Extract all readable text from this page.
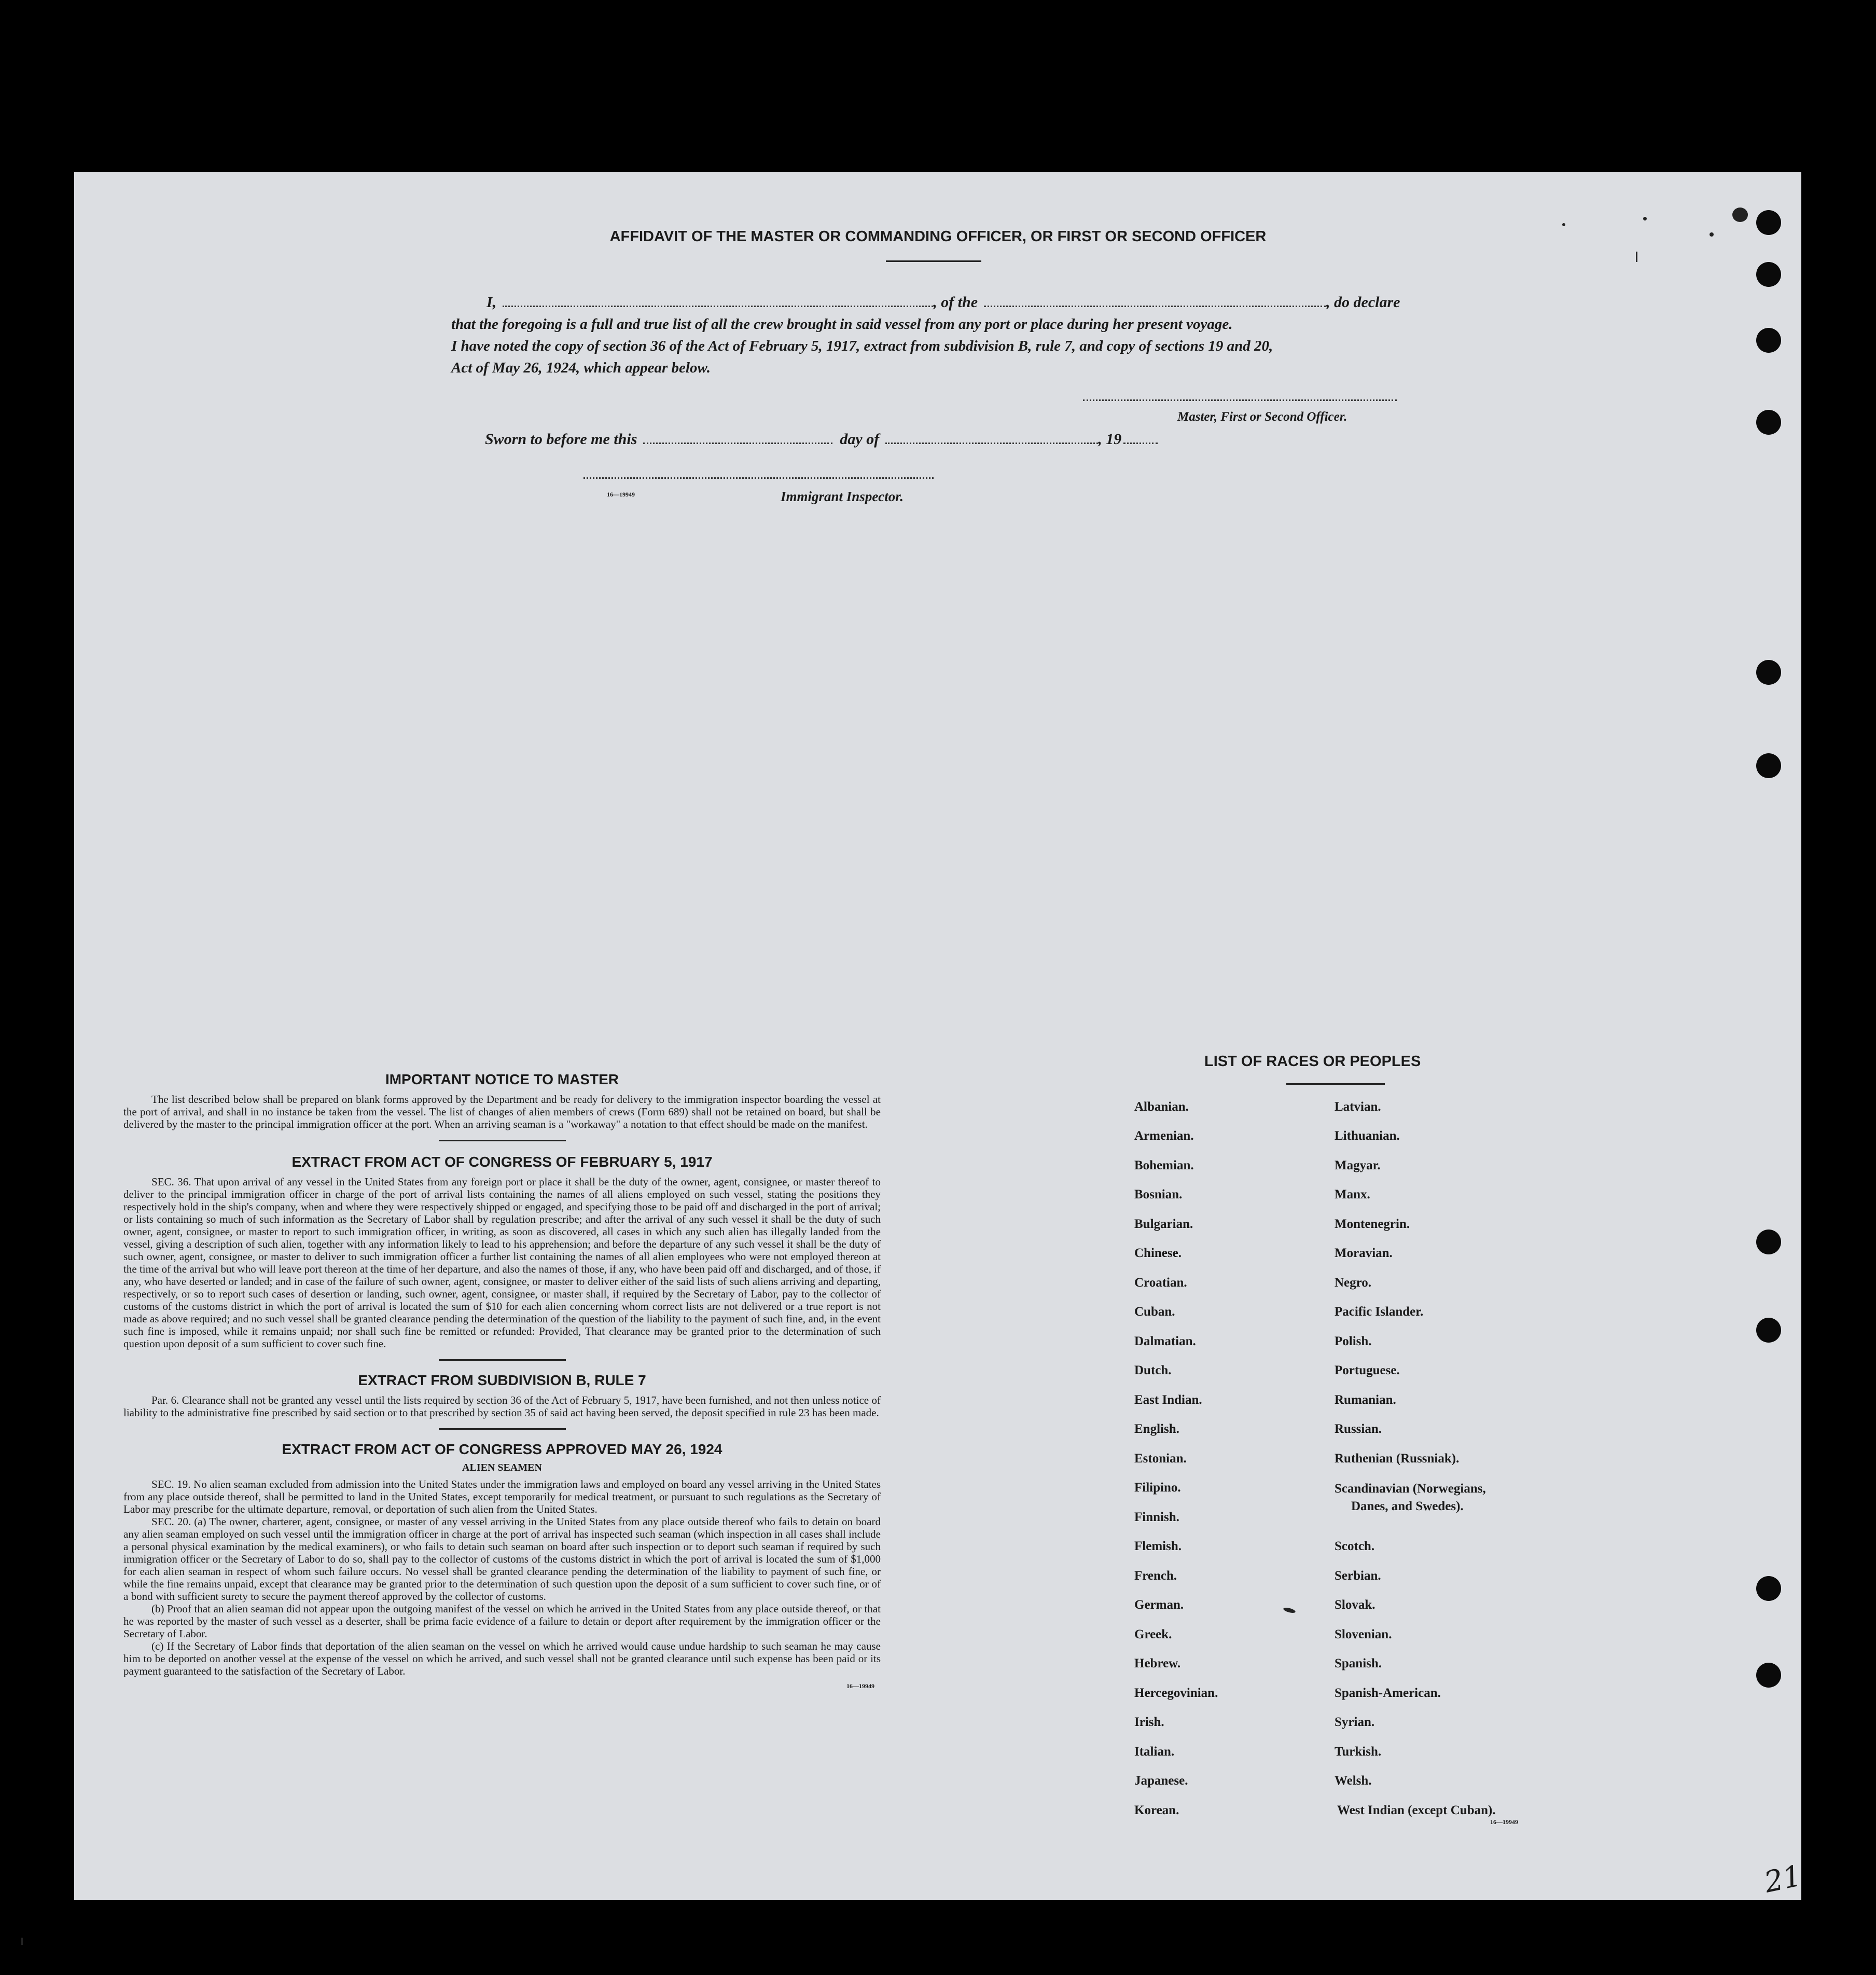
AFFIDAVIT OF THE MASTER OR COMMANDING OFFICER, OR FIRST OR SECOND OFFICER
I,	, of the	, do declare
that the foregoing is a full and true list of all the crew brought in said vessel from any port or place during her present voyage.
I have noted the copy of section 36 of the Act of February 5, 1917, extract from subdivision B, rule 7, and copy of sections 19 and 20,
Act of May 26, 1924, which appear below.
Master, First or Second Officer.
Sworn to before me this	day of	, 19
16—19949	Immigrant Inspector.
IMPORTANT NOTICE TO MASTER

The list described below shall be prepared on blank forms approved by the Department and be ready for delivery to the immigration inspector boarding the vessel at the port of arrival, and shall in no instance be taken from the vessel. The list of changes of alien members of crews (Form 689) shall not be retained on board, but shall be delivered by the master to the principal immigration officer at the port. When an arriving seaman is a "workaway" a notation to that effect should be made on the manifest.

EXTRACT FROM ACT OF CONGRESS OF FEBRUARY 5, 1917

SEC. 36. That upon arrival of any vessel in the United States from any foreign port or place it shall be the duty of the owner, agent, consignee, or master thereof to deliver to the principal immigration officer in charge of the port of arrival lists containing the names of all aliens employed on such vessel, stating the positions they respectively hold in the ship's company, when and where they were respectively shipped or engaged, and specifying those to be paid off and discharged in the port of arrival; or lists containing so much of such information as the Secretary of Labor shall by regulation prescribe; and after the arrival of any such vessel it shall be the duty of such owner, agent, consignee, or master to report to such immigration officer, in writing, as soon as discovered, all cases in which any such alien has illegally landed from the vessel, giving a description of such alien, together with any information likely to lead to his apprehension; and before the departure of any such vessel it shall be the duty of such owner, agent, consignee, or master to deliver to such immigration officer a further list containing the names of all alien employees who were not employed thereon at the time of the arrival but who will leave port thereon at the time of her departure, and also the names of those, if any, who have been paid off and discharged, and of those, if any, who have deserted or landed; and in case of the failure of such owner, agent, consignee, or master to deliver either of the said lists of such aliens arriving and departing, respectively, or so to report such cases of desertion or landing, such owner, agent, consignee, or master shall, if required by the Secretary of Labor, pay to the collector of customs of the customs district in which the port of arrival is located the sum of $10 for each alien concerning whom correct lists are not delivered or a true report is not made as above required; and no such vessel shall be granted clearance pending the determination of the question of the liability to the payment of such fine, and, in the event such fine is imposed, while it remains unpaid; nor shall such fine be remitted or refunded: Provided, That clearance may be granted prior to the determination of such question upon deposit of a sum sufficient to cover such fine.

EXTRACT FROM SUBDIVISION B, RULE 7

Par. 6. Clearance shall not be granted any vessel until the lists required by section 36 of the Act of February 5, 1917, have been furnished, and not then unless notice of liability to the administrative fine prescribed by said section or to that prescribed by section 35 of said act having been served, the deposit specified in rule 23 has been made.

EXTRACT FROM ACT OF CONGRESS APPROVED MAY 26, 1924
ALIEN SEAMEN

SEC. 19. No alien seaman excluded from admission into the United States under the immigration laws and employed on board any vessel arriving in the United States from any place outside thereof, shall be permitted to land in the United States, except temporarily for medical treatment, or pursuant to such regulations as the Secretary of Labor may prescribe for the ultimate departure, removal, or deportation of such alien from the United States.

SEC. 20. (a) The owner, charterer, agent, consignee, or master of any vessel arriving in the United States from any place outside thereof who fails to detain on board any alien seaman employed on such vessel until the immigration officer in charge at the port of arrival has inspected such seaman (which inspection in all cases shall include a personal physical examination by the medical examiners), or who fails to detain such seaman on board after such inspection or to deport such seaman if required by such immigration officer or the Secretary of Labor to do so, shall pay to the collector of customs of the customs district in which the port of arrival is located the sum of $1,000 for each alien seaman in respect of whom such failure occurs. No vessel shall be granted clearance pending the determination of the liability to payment of such fine, or while the fine remains unpaid, except that clearance may be granted prior to the determination of such question upon the deposit of a sum sufficient to cover such fine, or of a bond with sufficient surety to secure the payment thereof approved by the collector of customs.

(b) Proof that an alien seaman did not appear upon the outgoing manifest of the vessel on which he arrived in the United States from any place outside thereof, or that he was reported by the master of such vessel as a deserter, shall be prima facie evidence of a failure to detain or deport after requirement by the immigration officer or the Secretary of Labor.

(c) If the Secretary of Labor finds that deportation of the alien seaman on the vessel on which he arrived would cause undue hardship to such seaman he may cause him to be deported on another vessel at the expense of the vessel on which he arrived, and such vessel shall not be granted clearance until such expense has been paid or its payment guaranteed to the satisfaction of the Secretary of Labor.

16—19949
LIST OF RACES OR PEOPLES
Albanian.
Armenian.
Bohemian.
Bosnian.
Bulgarian.
Chinese.
Croatian.
Cuban.
Dalmatian.
Dutch.
East Indian.
English.
Estonian.
Filipino.
Finnish.
Flemish.
French.
German.
Greek.
Hebrew.
Hercegovinian.
Irish.
Italian.
Japanese.
Korean.
Latvian.
Lithuanian.
Magyar.
Manx.
Montenegrin.
Moravian.
Negro.
Pacific Islander.
Polish.
Portuguese.
Rumanian.
Russian.
Ruthenian (Russniak).
Scandinavian (Norwegians,
Danes, and Swedes).
Scotch.
Serbian.
Slovak.
Slovenian.
Spanish.
Spanish-American.
Syrian.
Turkish.
Welsh.
West Indian (except Cuban).
16—19949
21
